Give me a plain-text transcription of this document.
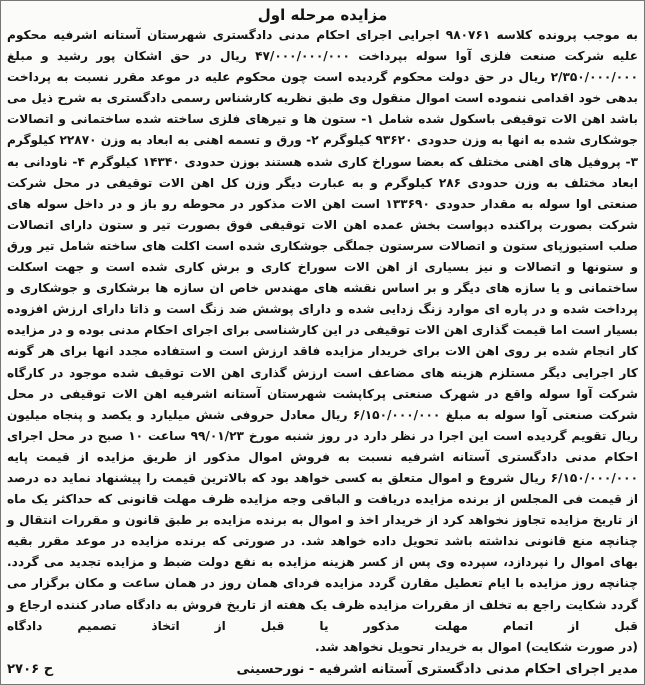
مزایده مرحله اول

به موجب پرونده کلاسه ۹۸۰۷۶۱ اجرایی اجرای احکام مدنی دادگستری شهرستان آستانه اشرفیه محکوم علیه شرکت صنعت فلزی آوا سوله بپرداخت ۴۷/۰۰۰/۰۰۰/۰۰۰ ریال در حق اشکان پور رشید و مبلغ ۲/۳۵۰/۰۰۰/۰۰۰ ریال در حق دولت محکوم گردیده است چون محکوم علیه در موعد مقرر نسبت به پرداخت بدهی خود اقدامی ننموده است اموال منقول وی طبق نظریه کارشناس رسمی دادگستری به شرح ذیل می باشد اهن الات توقیفی باسکول شده شامل ۱- ستون ها و تیرهای فلزی ساخته شده ساختمانی و اتصالات جوشکاری شده به انها به وزن حدودی ۹۳۶۲۰ کیلوگرم ۲- ورق و تسمه اهنی به ابعاد به وزن ۲۲۸۷۰ کیلوگرم ۳- پروفیل های اهنی مختلف که بعضا سوراخ کاری شده هستند بوزن حدودی ۱۴۳۴۰ کیلوگرم ۴- ناودانی به ابعاد مختلف به وزن حدودی ۲۸۶ کیلوگرم و به عبارت دیگر وزن کل اهن الات توقیفی در محل شرکت صنعتی اوا سوله به مقدار حدودی ۱۳۳۶۹۰ است اهن الات مذکور در محوطه رو باز و در داخل سوله های شرکت بصورت پراکنده دپواست بخش عمده اهن الات توقیفی فوق بصورت تیر و ستون دارای اتصالات صلب استیوزپای ستون و اتصالات سرستون جملگی جوشکاری شده است اکلت های ساخته شامل تیر ورق و ستونها و اتصالات و نیز بسیاری از اهن الات سوراخ کاری و برش کاری شده است و جهت اسکلت ساختمانی و یا سازه های دیگر و بر اساس نقشه های مهندس خاص ان سازه ها برشکاری و جوشکاری و پرداخت شده و در پاره ای موارد زنگ زدایی شده و دارای پوشش ضد زنگ است و ذاتا دارای ارزش افزوده بسیار است اما قیمت گذاری اهن الات توقیفی در این کارشناسی برای اجرای احکام مدنی بوده و در مزایده کار انجام شده بر روی اهن الات برای خریدار مزایده فاقد ارزش است و استفاده مجدد انها برای هر گونه کار اجرایی دیگر مستلزم هزینه های مضاعف است ارزش گذاری اهن الات توقیف شده موجود در کارگاه شرکت آوا سوله واقع در شهرک صنعتی پرکاپشت شهرستان آستانه اشرفیه اهن الات توقیفی در محل شرکت صنعتی آوا سوله به مبلغ ۶/۱۵۰/۰۰۰/۰۰۰ ریال معادل حروفی شش میلیارد و یکصد و پنجاه میلیون ریال تقویم گردیده است این اجرا در نظر دارد در روز شنبه مورخ ۹۹/۰۱/۲۳ ساعت ۱۰ صبح در محل اجرای احکام مدنی دادگستری آستانه اشرفیه نسبت به فروش اموال مذکور از طریق مزایده از قیمت پایه ۶/۱۵۰/۰۰۰/۰۰۰ ریال شروع و اموال متعلق به کسی خواهد بود که بالاترین قیمت را پیشنهاد نماید ده درصد از قیمت فی المجلس از برنده مزایده دریافت و الباقی وجه مزایده ظرف مهلت قانونی که حداکثر یک ماه از تاریخ مزایده تجاوز نخواهد کرد از خریدار اخذ و اموال به برنده مزایده بر طبق قانون و مقررات انتقال و چنانچه منع قانونی نداشته باشد تحویل داده خواهد شد. در صورتی که برنده مزایده در موعد مقرر بقیه بهای اموال را نپردازد، سپرده وی پس از کسر هزینه مزایده به نفع دولت ضبط و مزایده تجدید می گردد. چنانچه روز مزایده با ایام تعطیل مقارن گردد مزایده فردای همان روز در همان ساعت و مکان برگزار می گردد شکایت راجع به تخلف از مقررات مزایده ظرف یک هفته از تاریخ فروش به دادگاه صادر کننده ارجاع و قبل از اتمام مهلت مذکور یا قبل از اتخاذ تصمیم دادگاه
(در صورت شکایت) اموال به خریدار تحویل نخواهد شد.
مدیر اجرای احکام مدنی دادگستری آستانه اشرفیه - نورحسینی
ح ۲۷۰۶
